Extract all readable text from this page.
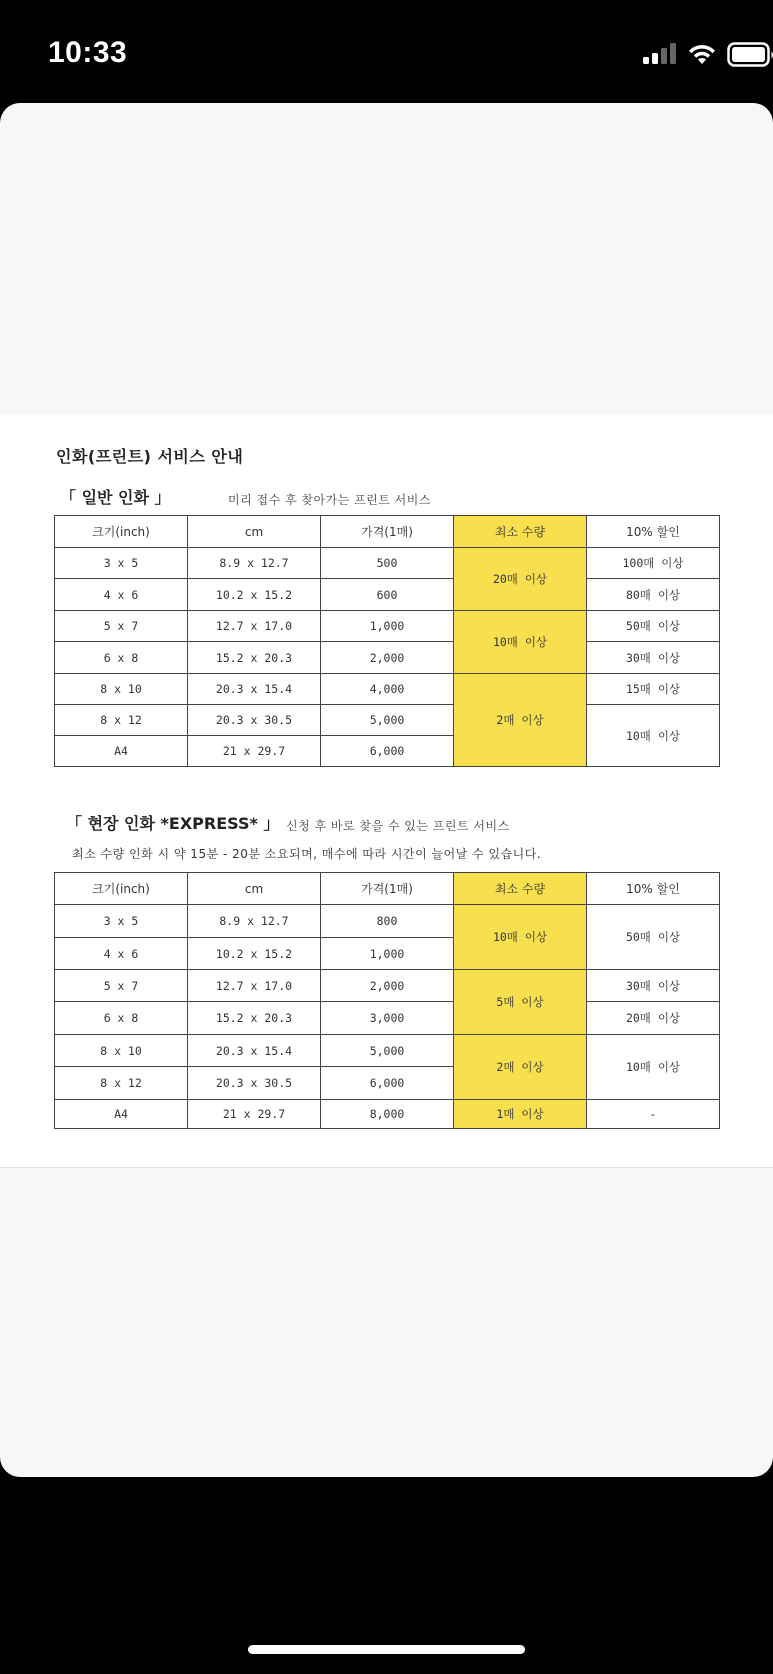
10:33
인화(프린트) 서비스 안내
「 일반 인화 」	미리 접수 후 찾아가는 프린트 서비스
크기(inch)	cm	가격(1매)	최소 수량	10% 할인
3 x 5	8.9 x 12.7	500	20매 이상	100매 이상
4 x 6	10.2 x 15.2	600		80매 이상
5 x 7	12.7 x 17.0	1,000	10매 이상	50매 이상
6 x 8	15.2 x 20.3	2,000		30매 이상
8 x 10	20.3 x 15.4	4,000	2매 이상	15매 이상
8 x 12	20.3 x 30.5	5,000		10매 이상
A4	21 x 29.7	6,000		
「 현장 인화 *EXPRESS* 」 신청 후 바로 찾을 수 있는 프린트 서비스
최소 수량 인화 시 약 15분 - 20분 소요되며, 매수에 따라 시간이 늘어날 수 있습니다.
크기(inch)	cm	가격(1매)	최소 수량	10% 할인
3 x 5	8.9 x 12.7	800	10매 이상	50매 이상
4 x 6	10.2 x 15.2	1,000		
5 x 7	12.7 x 17.0	2,000	5매 이상	30매 이상
6 x 8	15.2 x 20.3	3,000		20매 이상
8 x 10	20.3 x 15.4	5,000	2매 이상	10매 이상
8 x 12	20.3 x 30.5	6,000		
A4	21 x 29.7	8,000	1매 이상	-
